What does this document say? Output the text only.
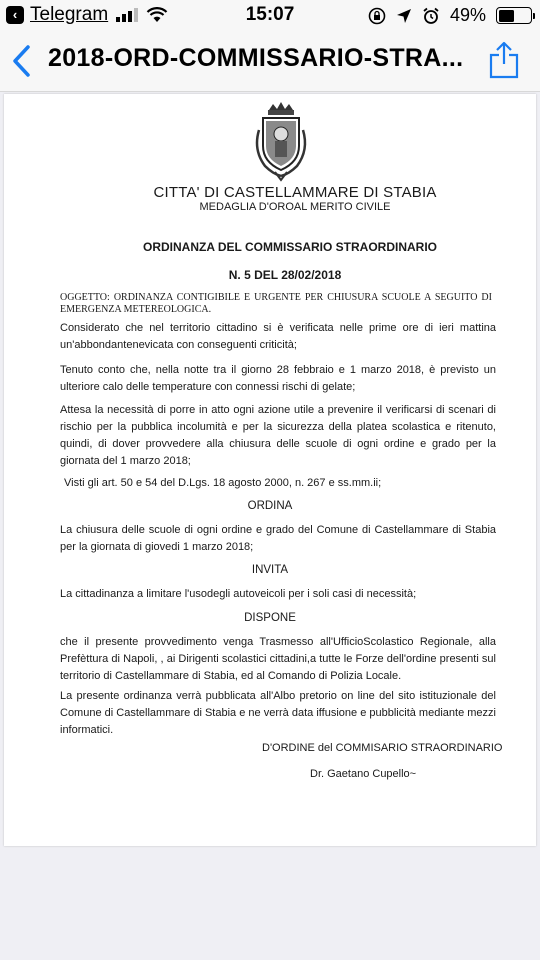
‹ Telegram	15:07	49%
2018-ORD-COMMISSARIO-STRA...
CITTA' DI CASTELLAMMARE DI STABIA
MEDAGLIA D'OROAL MERITO CIVILE
ORDINANZA DEL COMMISSARIO STRAORDINARIO
N. 5 DEL 28/02/2018
OGGETTO: ORDINANZA CONTIGIBILE E URGENTE PER CHIUSURA SCUOLE A SEGUITO DI EMERGENZA METEREOLOGICA.
Considerato che nel territorio cittadino si è verificata nelle prime ore di ieri mattina un'abbondantenevicata con conseguenti criticità;
Tenuto conto che, nella notte tra il giorno 28 febbraio e 1 marzo 2018, è previsto un ulteriore calo delle temperature con connessi rischi di gelate;
Attesa la necessità di porre in atto ogni azione utile a prevenire il verificarsi di scenari di rischio per la pubblica incolumità e per la sicurezza della platea scolastica e ritenuto, quindi, di dover provvedere alla chiusura delle scuole di ogni ordine e grado per la giornata del 1 marzo 2018;
Visti gli art. 50 e 54 del D.Lgs. 18 agosto 2000, n. 267 e ss.mm.ii;
ORDINA
La chiusura delle scuole di ogni ordine e grado del Comune di Castellammare di Stabia per la giornata di giovedi 1 marzo 2018;
INVITA
La cittadinanza a limitare l'usodegli autoveicoli per i soli casi di necessità;
DISPONE
che il presente provvedimento venga Trasmesso all'UfficioScolastico Regionale, alla Prefèttura di Napoli, , ai Dirigenti scolastici cittadini,a tutte le Forze dell'ordine presenti sul territorio di Castellammare di Stabia, ed al Comando di Polizia Locale.
La presente ordinanza verrà pubblicata all'Albo pretorio on line del sito istituzionale del Comune di Castellammare di Stabia e ne verrà data iffusione e pubblicità mediante mezzi informatici.
D'ORDINE del COMMISARIO STRAORDINARIO
Dr. Gaetano Cupello~
